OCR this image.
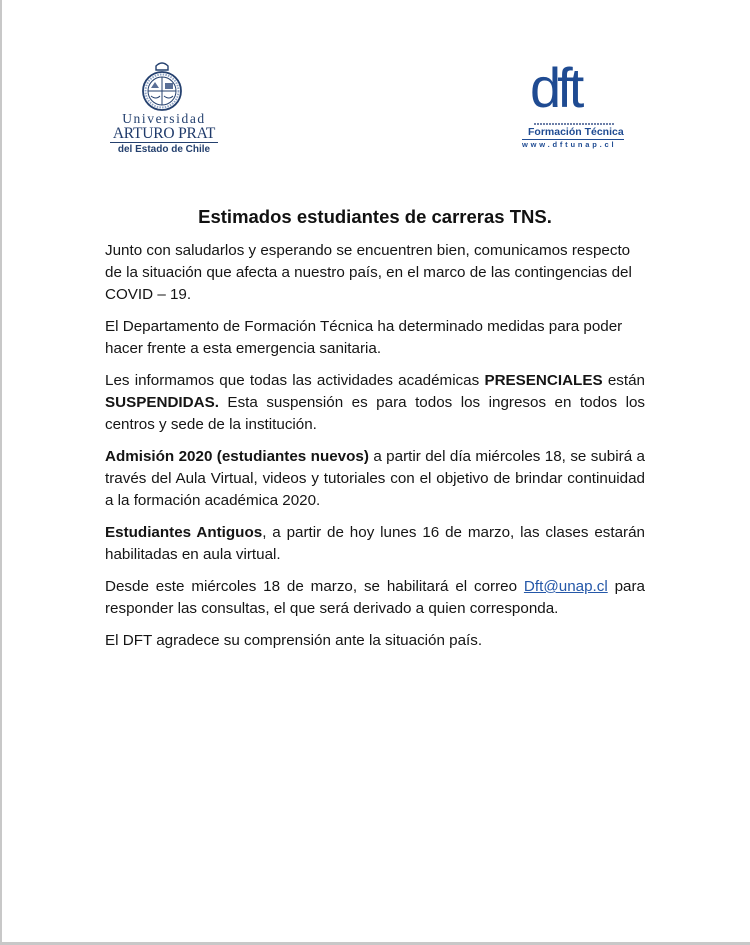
Universidad
ARTURO PRAT
del Estado de Chile
dft
Formación Técnica
www.dftunap.cl
Estimados estudiantes de carreras TNS.

Junto con saludarlos y esperando se encuentren bien, comunicamos respecto de la situación que afecta a nuestro país, en el marco de las contingencias del COVID – 19.

El Departamento de Formación Técnica ha determinado medidas para poder hacer frente a esta emergencia sanitaria.

Les informamos que todas las actividades académicas PRESENCIALES están SUSPENDIDAS. Esta suspensión es para todos los ingresos en todos los centros y sede de la institución.

Admisión 2020 (estudiantes nuevos) a partir del día miércoles 18, se subirá a través del Aula Virtual, videos y tutoriales con el objetivo de brindar continuidad a la formación académica 2020.

Estudiantes Antiguos, a partir de hoy lunes 16 de marzo, las clases estarán habilitadas en aula virtual.

Desde este miércoles 18 de marzo, se habilitará el correo Dft@unap.cl para responder las consultas, el que será derivado a quien corresponda.

El DFT agradece su comprensión ante la situación país.
